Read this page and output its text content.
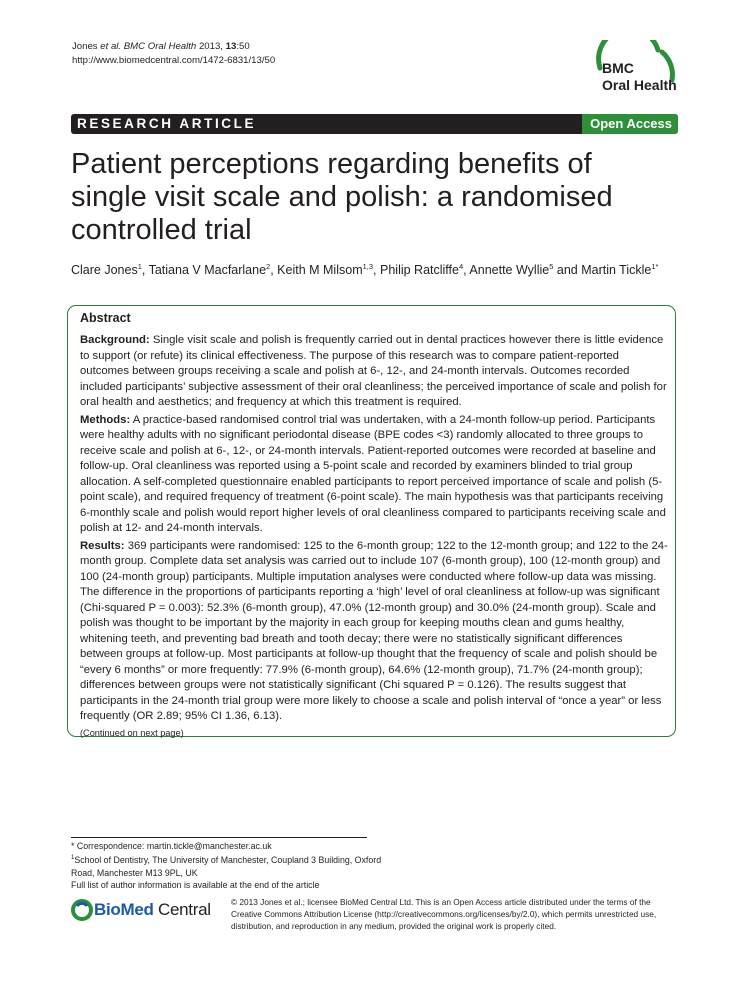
Jones et al. BMC Oral Health 2013, 13:50
http://www.biomedcentral.com/1472-6831/13/50	BMC
Oral Health
RESEARCH ARTICLE	Open Access
Patient perceptions regarding benefits of single visit scale and polish: a randomised controlled trial
Clare Jones$^1$, Tatiana V Macfarlane$^2$, Keith M Milsom$^{1,3}$, Philip Ratcliffe$^4$, Annette Wyllie$^5$ and Martin Tickle$^{1*}$
Abstract

Background: Single visit scale and polish is frequently carried out in dental practices however there is little evidence to support (or refute) its clinical effectiveness. The purpose of this research was to compare patient-reported outcomes between groups receiving a scale and polish at 6-, 12-, and 24-month intervals. Outcomes recorded included participants’ subjective assessment of their oral cleanliness; the perceived importance of scale and polish for oral health and aesthetics; and frequency at which this treatment is required.

Methods: A practice-based randomised control trial was undertaken, with a 24-month follow-up period. Participants were healthy adults with no significant periodontal disease (BPE codes <3) randomly allocated to three groups to receive scale and polish at 6-, 12-, or 24-month intervals. Patient-reported outcomes were recorded at baseline and follow-up. Oral cleanliness was reported using a 5-point scale and recorded by examiners blinded to trial group allocation. A self-completed questionnaire enabled participants to report perceived importance of scale and polish (5-point scale), and required frequency of treatment (6-point scale). The main hypothesis was that participants receiving 6-monthly scale and polish would report higher levels of oral cleanliness compared to participants receiving scale and polish at 12- and 24-month intervals.

Results: 369 participants were randomised: 125 to the 6-month group; 122 to the 12-month group; and 122 to the 24-month group. Complete data set analysis was carried out to include 107 (6-month group), 100 (12-month group) and 100 (24-month group) participants. Multiple imputation analyses were conducted where follow-up data was missing. The difference in the proportions of participants reporting a ‘high’ level of oral cleanliness at follow-up was significant (Chi-squared P = 0.003): 52.3% (6-month group), 47.0% (12-month group) and 30.0% (24-month group). Scale and polish was thought to be important by the majority in each group for keeping mouths clean and gums healthy, whitening teeth, and preventing bad breath and tooth decay; there were no statistically significant differences between groups at follow-up. Most participants at follow-up thought that the frequency of scale and polish should be “every 6 months” or more frequently: 77.9% (6-month group), 64.6% (12-month group), 71.7% (24-month group); differences between groups were not statistically significant (Chi squared P = 0.126). The results suggest that participants in the 24-month trial group were more likely to choose a scale and polish interval of “once a year” or less frequently (OR 2.89; 95% CI 1.36, 6.13).

(Continued on next page)
* Correspondence: martin.tickle@manchester.ac.uk
$^1$School of Dentistry, The University of Manchester, Coupland 3 Building, Oxford Road, Manchester M13 9PL, UK
Full list of author information is available at the end of the article
BioMed Central © 2013 Jones et al.; licensee BioMed Central Ltd. This is an Open Access article distributed under the terms of the Creative Commons Attribution License (http://creativecommons.org/licenses/by/2.0), which permits unrestricted use, distribution, and reproduction in any medium, provided the original work is properly cited.
